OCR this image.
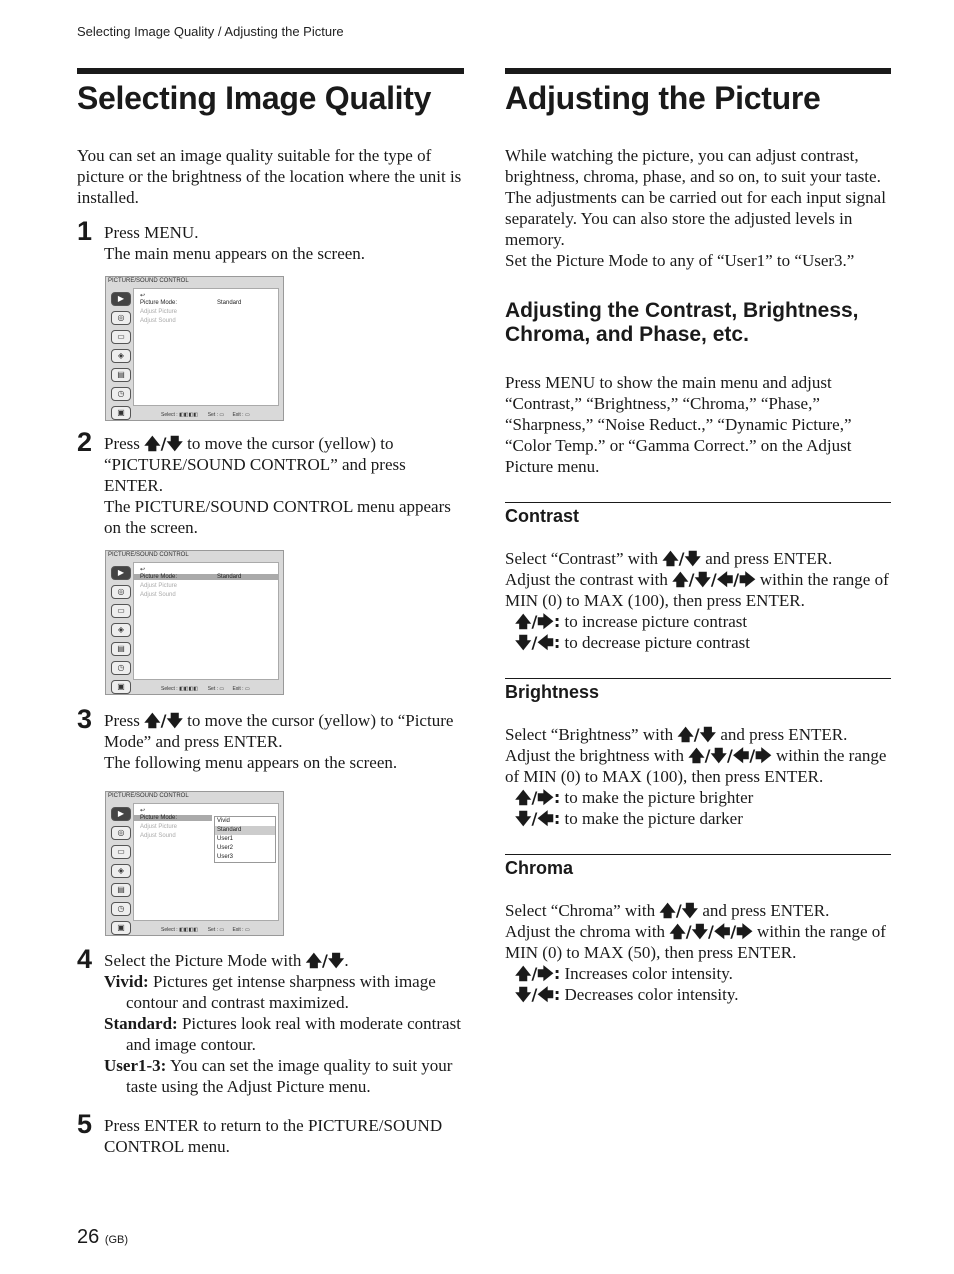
Selecting Image Quality / Adjusting the Picture
Selecting Image Quality

You can set an image quality suitable for the type of picture or the brightness of the location where the unit is installed.

1 Press MENU.

The main menu appears on the screen.

PICTURE/SOUND CONTROL
▶
◎
▭
◈
▤
◷
▣
↩
Picture Mode:	Standard
Adjust Picture
Adjust Sound
Select : ◧◧◧◧       Set : ▭      Exit : ▭
2 Press 🡅/🡇 to move the cursor (yellow) to “PICTURE/SOUND CONTROL” and press ENTER.

The PICTURE/SOUND CONTROL menu appears on the screen.

PICTURE/SOUND CONTROL
▶
◎
▭
◈
▤
◷
▣
↩
Picture Mode:	Standard
Adjust Picture
Adjust Sound
Select : ◧◧◧◧       Set : ▭      Exit : ▭
3 Press 🡅/🡇 to move the cursor (yellow) to “Picture Mode” and press ENTER.

The following menu appears on the screen.

PICTURE/SOUND CONTROL
▶
◎
▭
◈
▤
◷
▣
↩
Picture Mode:
Adjust Picture
Adjust Sound
Vivid
Standard
User1
User2
User3
Select : ◧◧◧◧       Set : ▭      Exit : ▭
4 Select the Picture Mode with 🡅/🡇.

Vivid: Pictures get intense sharpness with image contour and contrast maximized.

Standard: Pictures look real with moderate contrast and image contour.

User1-3: You can set the image quality to suit your taste using the Adjust Picture menu.

5 Press ENTER to return to the PICTURE/SOUND CONTROL menu.

Adjusting the Picture

While watching the picture, you can adjust contrast, brightness, chroma, phase, and so on, to suit your taste. The adjustments can be carried out for each input signal separately. You can also store the adjusted levels in memory.

Set the Picture Mode to any of “User1” to “User3.”

Adjusting the Contrast, Brightness, Chroma, and Phase, etc.

Press MENU to show the main menu and adjust “Contrast,” “Brightness,” “Chroma,” “Phase,” “Sharpness,” “Noise Reduct.,” “Dynamic Picture,” “Color Temp.” or “Gamma Correct.” on the Adjust Picture menu.

Contrast

Select “Contrast” with 🡅/🡇 and press ENTER.

Adjust the contrast with 🡅/🡇/🡄/🡆 within the range of MIN (0) to MAX (100), then press ENTER.

🡅/🡆: to increase picture contrast

🡇/🡄: to decrease picture contrast

Brightness

Select “Brightness” with 🡅/🡇 and press ENTER.

Adjust the brightness with 🡅/🡇/🡄/🡆 within the range of MIN (0) to MAX (100), then press ENTER.

🡅/🡆: to make the picture brighter

🡇/🡄: to make the picture darker

Chroma

Select “Chroma” with 🡅/🡇 and press ENTER.

Adjust the chroma with 🡅/🡇/🡄/🡆 within the range of MIN (0) to MAX (50), then press ENTER.

🡅/🡆: Increases color intensity.

🡇/🡄: Decreases color intensity.

26 (GB)
